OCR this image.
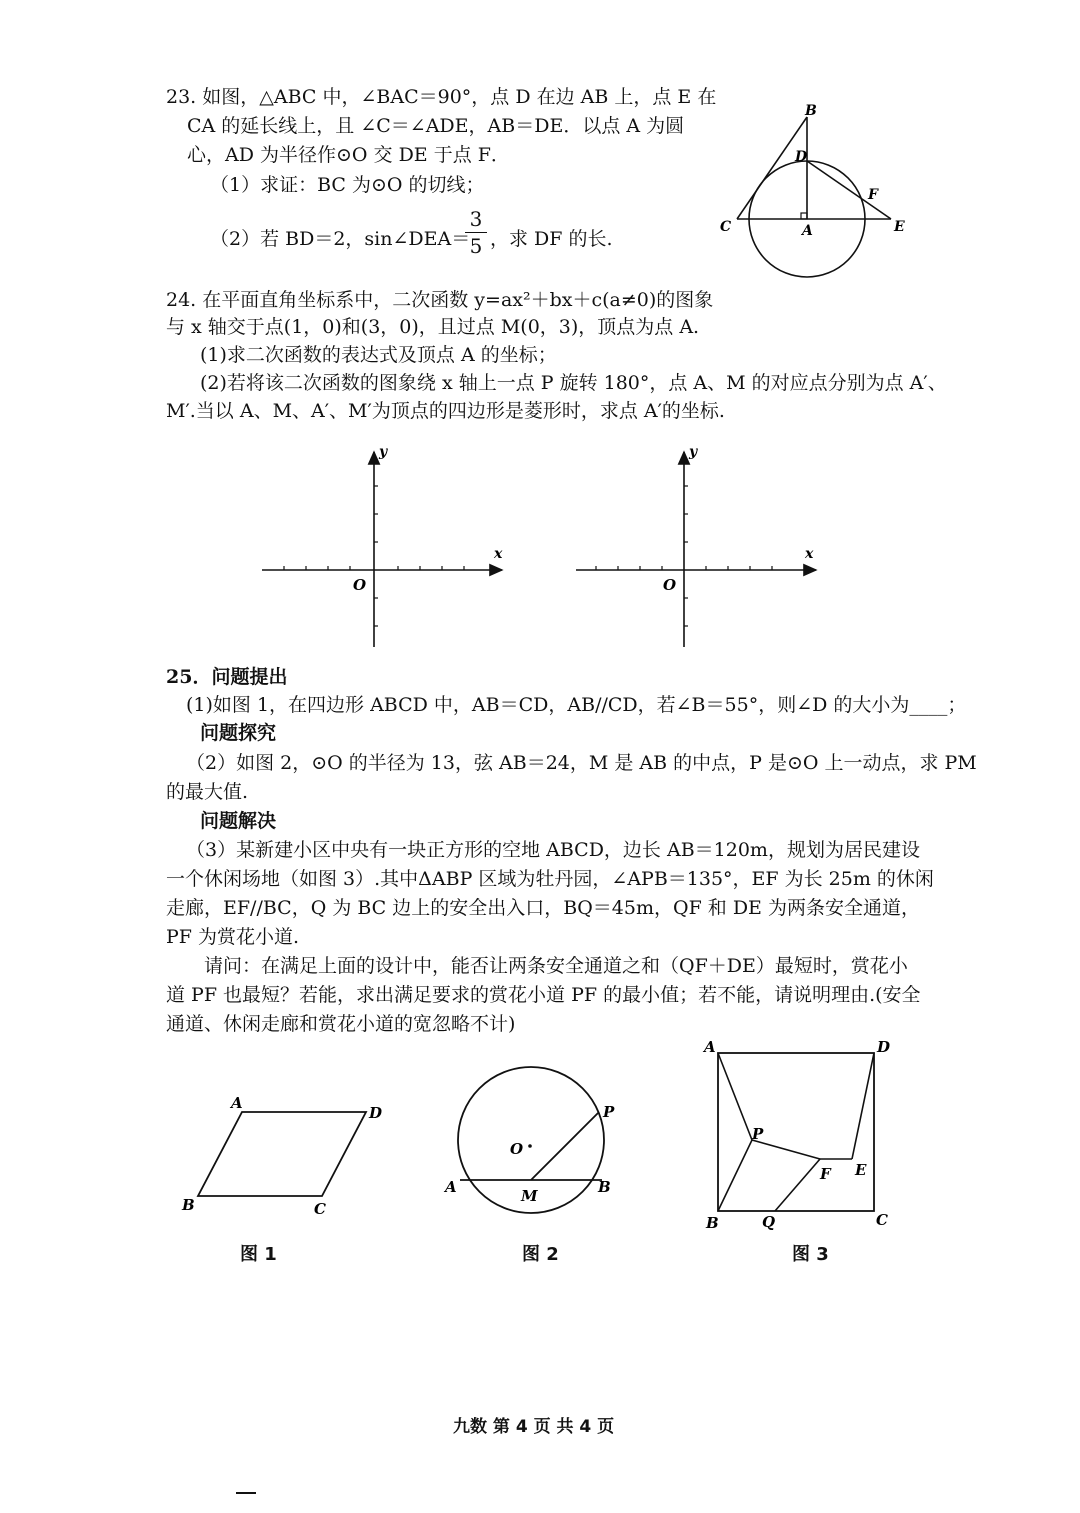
23. 如图，△ABC 中，∠BAC＝90°，点 D 在边 AB 上，点 E 在
CA 的延长线上，且 ∠C＝∠ADE，AB＝DE．以点 A 为圆
心，AD 为半径作⊙O 交 DE 于点 F．
（1）求证：BC 为⊙O 的切线；
（2）若 BD＝2，sin∠DEA＝
3
5 ，求 DF 的长.
B
D
F
C	A	E
24. 在平面直角坐标系中，二次函数 y=ax²＋bx＋c(a≠0)的图象
与 x 轴交于点(1，0)和(3，0)，且过点 M(0，3)，顶点为点 A.
(1)求二次函数的表达式及顶点 A 的坐标；
(2)若将该二次函数的图象绕 x 轴上一点 P 旋转 180°，点 A、M 的对应点分别为点 A′、
M′.当以 A、M、A′、M′为顶点的四边形是菱形时，求点 A′的坐标.
x
y
O
x
y
O
25．问题提出
(1)如图 1，在四边形 ABCD 中，AB＝CD，AB//CD，若∠B＝55°，则∠D 的大小为____；
问题探究
（2）如图 2，⊙O 的半径为 13，弦 AB＝24，M 是 AB 的中点，P 是⊙O 上一动点，求 PM
的最大值.
问题解决
（3）某新建小区中央有一块正方形的空地 ABCD，边长 AB＝120m，规划为居民建设
一个休闲场地（如图 3）.其中ΔABP 区域为牡丹园，∠APB＝135°，EF 为长 25m 的休闲
走廊，EF//BC，Q 为 BC 边上的安全出入口，BQ＝45m，QF 和 DE 为两条安全通道，
PF 为赏花小道.
请问：在满足上面的设计中，能否让两条安全通道之和（QF＋DE）最短时，赏花小
道 PF 也最短？若能，求出满足要求的赏花小道 PF 的最小值；若不能，请说明理由.(安全
通道、休闲走廊和赏花小道的宽忽略不计)
A
D
B	C
图 1
O
P
A	M	B
图 2
A	D
P
F E
B	Q	C
图 3
九数 第 4 页 共 4 页
